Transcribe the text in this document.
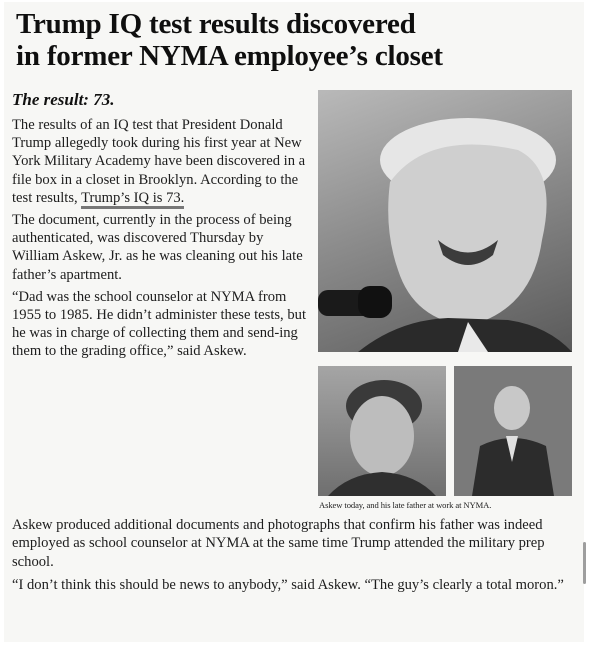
Trump IQ test results discovered
in former NYMA employee’s closet
The result: 73.

The results of an IQ test that President Donald Trump allegedly took during his first year at New York Military Academy have been discovered in a file box in a closet in Brooklyn. According to the test results, Trump’s IQ is 73.

The document, currently in the process of being authenticated, was discovered Thursday by William Askew, Jr. as he was cleaning out his late father’s apartment.

“Dad was the school counselor at NYMA from 1955 to 1985. He didn’t administer these tests, but he was in charge of collecting them and send-ing them to the grading office,” said Askew.

Askew today, and his late father at work at NYMA.

Askew produced additional documents and photographs that confirm his father was indeed employed as school counselor at NYMA at the same time Trump attended the military prep school.

“I don’t think this should be news to anybody,” said Askew. “The guy’s clearly a total moron.”
